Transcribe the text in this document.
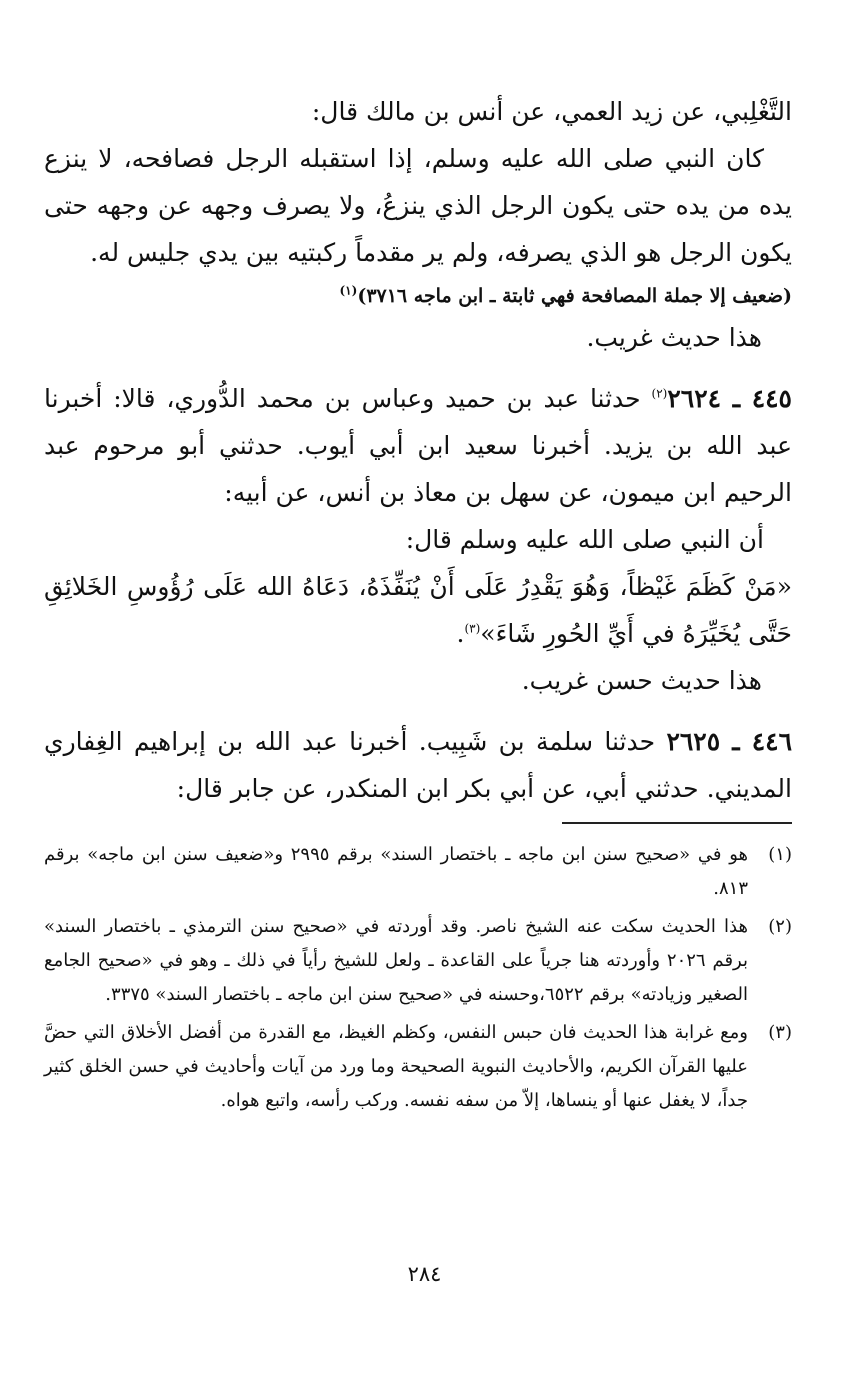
التَّغْلِبي، عن زيد العمي، عن أنس بن مالك قال:

كان النبي صلى الله عليه وسلم، إذا استقبله الرجل فصافحه، لا ينزع يده من يده حتى يكون الرجل الذي ينزعُ، ولا يصرف وجهه عن وجهه حتى يكون الرجل هو الذي يصرفه، ولم ير مقدماً ركبتيه بين يدي جليس له.

(ضعيف إلا جملة المصافحة فهي ثابتة ـ ابن ماجه ٣٧١٦)$^{(١)}$

هذا حديث غريب.

٤٤٥ ـ ٢٦٢٤$^{(٢)}$ حدثنا عبد بن حميد وعباس بن محمد الدُّوري، قالا: أخبرنا عبد الله بن يزيد. أخبرنا سعيد ابن أبي أيوب. حدثني أبو مرحوم عبد الرحيم ابن ميمون، عن سهل بن معاذ بن أنس، عن أبيه:

أن النبي صلى الله عليه وسلم قال:

«مَنْ كَظَمَ غَيْظاً، وَهُوَ يَقْدِرُ عَلَى أَنْ يُنَفِّذَهُ، دَعَاهُ الله عَلَى رُؤُوسِ الخَلائِقِ حَتَّى يُخَيِّرَهُ في أَيِّ الحُورِ شَاءَ»$^{(٣)}$.

هذا حديث حسن غريب.

٤٤٦ ـ ٢٦٢٥ حدثنا سلمة بن شَبِيب. أخبرنا عبد الله بن إبراهيم الغِفاري المديني. حدثني أبي، عن أبي بكر ابن المنكدر، عن جابر قال:

(١)
هو في «صحيح سنن ابن ماجه ـ باختصار السند» برقم ٢٩٩٥ و«ضعيف سنن ابن ماجه» برقم ٨١٣.
(٢)
هذا الحديث سكت عنه الشيخ ناصر. وقد أوردته في «صحيح سنن الترمذي ـ باختصار السند» برقم ٢٠٢٦ وأوردته هنا جرياً على القاعدة ـ ولعل للشيخ رأياً في ذلك ـ وهو في «صحيح الجامع الصغير وزيادته» برقم ٦٥٢٢،وحسنه في «صحيح سنن ابن ماجه ـ باختصار السند» ٣٣٧٥.
(٣)
ومع غرابة هذا الحديث فان حبس النفس، وكظم الغيظ، مع القدرة من أفضل الأخلاق التي حضَّ عليها القرآن الكريم، والأحاديث النبوية الصحيحة وما ورد من آيات وأحاديث في حسن الخلق كثير جداً، لا يغفل عنها أو ينساها، إلاّ من سفه نفسه. وركب رأسه، واتبع هواه.
٢٨٤
